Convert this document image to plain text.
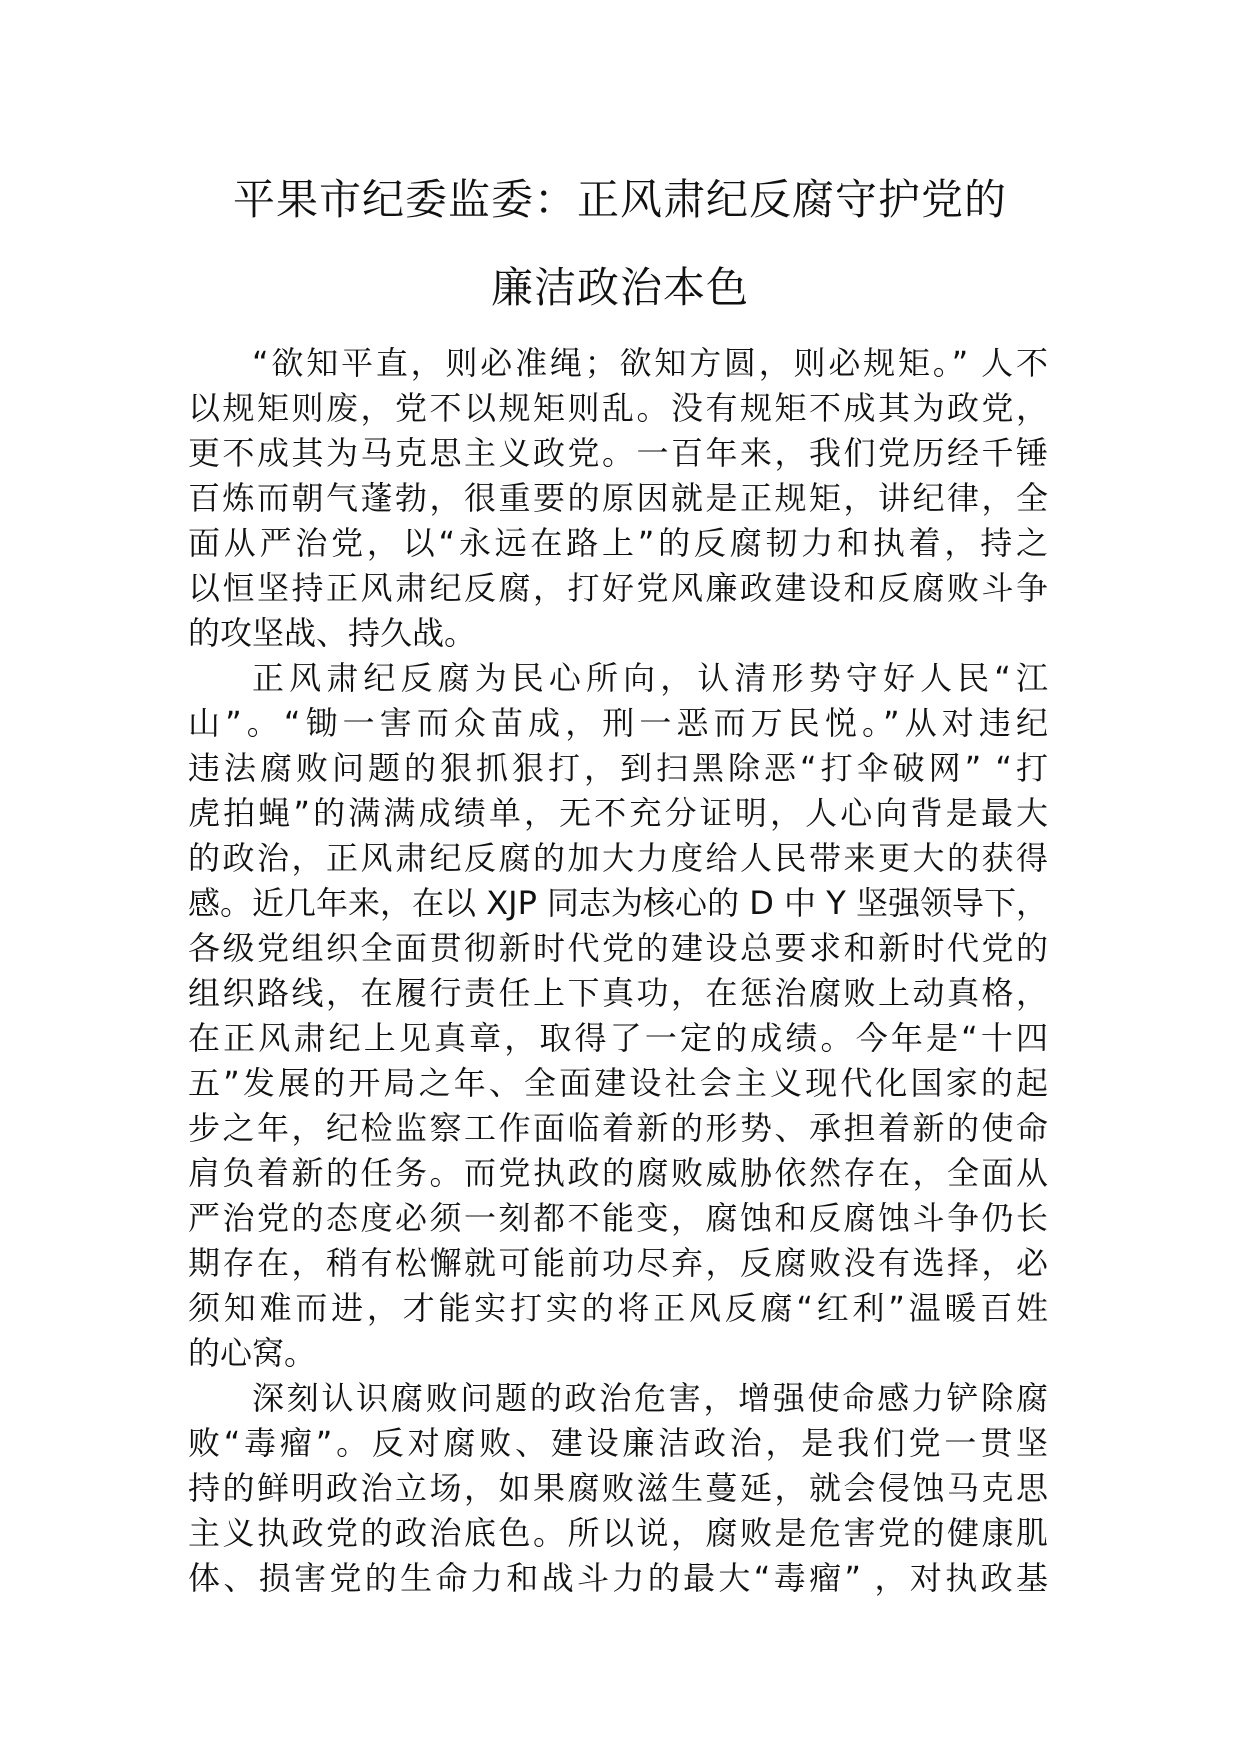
平果市纪委监委：正风肃纪反腐守护党的
廉洁政治本色
“欲知平直，则必准绳；欲知方圆，则必规矩。” 人不
以规矩则废，党不以规矩则乱。没有规矩不成其为政党，
更不成其为马克思主义政党。一百年来，我们党历经千锤
百炼而朝气蓬勃，很重要的原因就是正规矩，讲纪律，全
面从严治党，以“永远在路上”的反腐韧力和执着，持之
以恒坚持正风肃纪反腐，打好党风廉政建设和反腐败斗争
的攻坚战、持久战。
正风肃纪反腐为民心所向，认清形势守好人民“江
山”。“锄一害而众苗成，刑一恶而万民悦。”从对违纪
违法腐败问题的狠抓狠打，到扫黑除恶“打伞破网” “打
虎拍蝇”的满满成绩单，无不充分证明，人心向背是最大
的政治，正风肃纪反腐的加大力度给人民带来更大的获得
感。近几年来，在以 XJP 同志为核心的 D 中 Y 坚强领导下，
各级党组织全面贯彻新时代党的建设总要求和新时代党的
组织路线，在履行责任上下真功，在惩治腐败上动真格，
在正风肃纪上见真章，取得了一定的成绩。今年是“十四
五”发展的开局之年、全面建设社会主义现代化国家的起
步之年，纪检监察工作面临着新的形势、承担着新的使命
肩负着新的任务。而党执政的腐败威胁依然存在，全面从
严治党的态度必须一刻都不能变，腐蚀和反腐蚀斗争仍长
期存在，稍有松懈就可能前功尽弃，反腐败没有选择，必
须知难而进，才能实打实的将正风反腐“红利”温暖百姓
的心窝。
深刻认识腐败问题的政治危害，增强使命感力铲除腐
败“毒瘤”。反对腐败、建设廉洁政治，是我们党一贯坚
持的鲜明政治立场，如果腐败滋生蔓延，就会侵蚀马克思
主义执政党的政治底色。所以说，腐败是危害党的健康肌
体、损害党的生命力和战斗力的最大“毒瘤” ，对执政基
